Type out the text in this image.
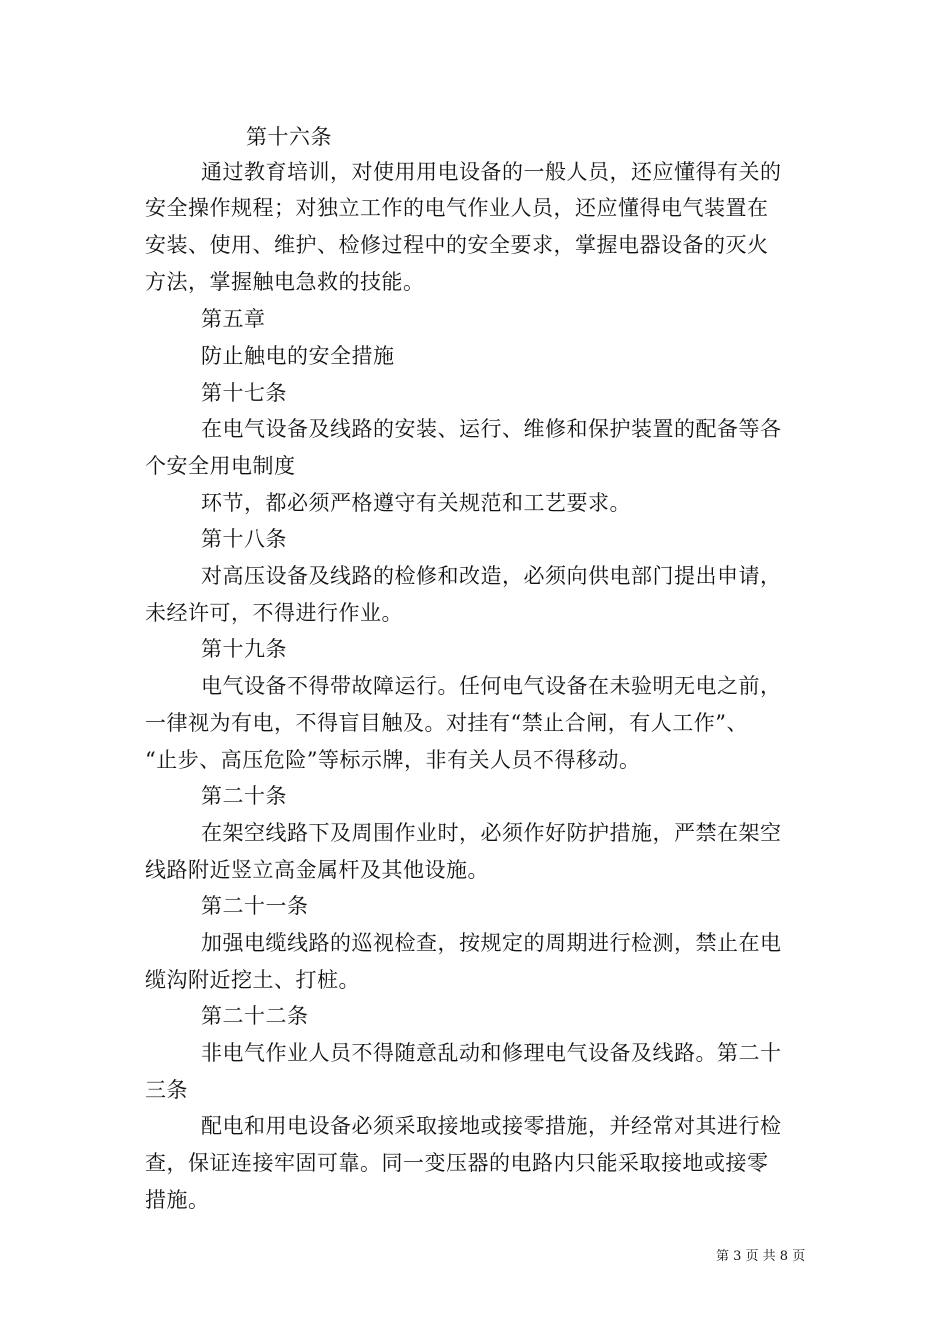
第十六条
通过教育培训，对使用用电设备的一般人员，还应懂得有关的
安全操作规程；对独立工作的电气作业人员，还应懂得电气装置在
安装、使用、维护、检修过程中的安全要求，掌握电器设备的灭火
方法，掌握触电急救的技能。
第五章
防止触电的安全措施
第十七条
在电气设备及线路的安装、运行、维修和保护装置的配备等各
个安全用电制度
环节，都必须严格遵守有关规范和工艺要求。
第十八条
对高压设备及线路的检修和改造，必须向供电部门提出申请，
未经许可，不得进行作业。
第十九条
电气设备不得带故障运行。任何电气设备在未验明无电之前，
一律视为有电，不得盲目触及。对挂有“禁止合闸，有人工作”、
“止步、高压危险”等标示牌，非有关人员不得移动。
第二十条
在架空线路下及周围作业时，必须作好防护措施，严禁在架空
线路附近竖立高金属杆及其他设施。
第二十一条
加强电缆线路的巡视检查，按规定的周期进行检测，禁止在电
缆沟附近挖土、打桩。
第二十二条
非电气作业人员不得随意乱动和修理电气设备及线路。第二十
三条
配电和用电设备必须采取接地或接零措施，并经常对其进行检
查，保证连接牢固可靠。同一变压器的电路内只能采取接地或接零
措施。
第 3 页 共 8 页
